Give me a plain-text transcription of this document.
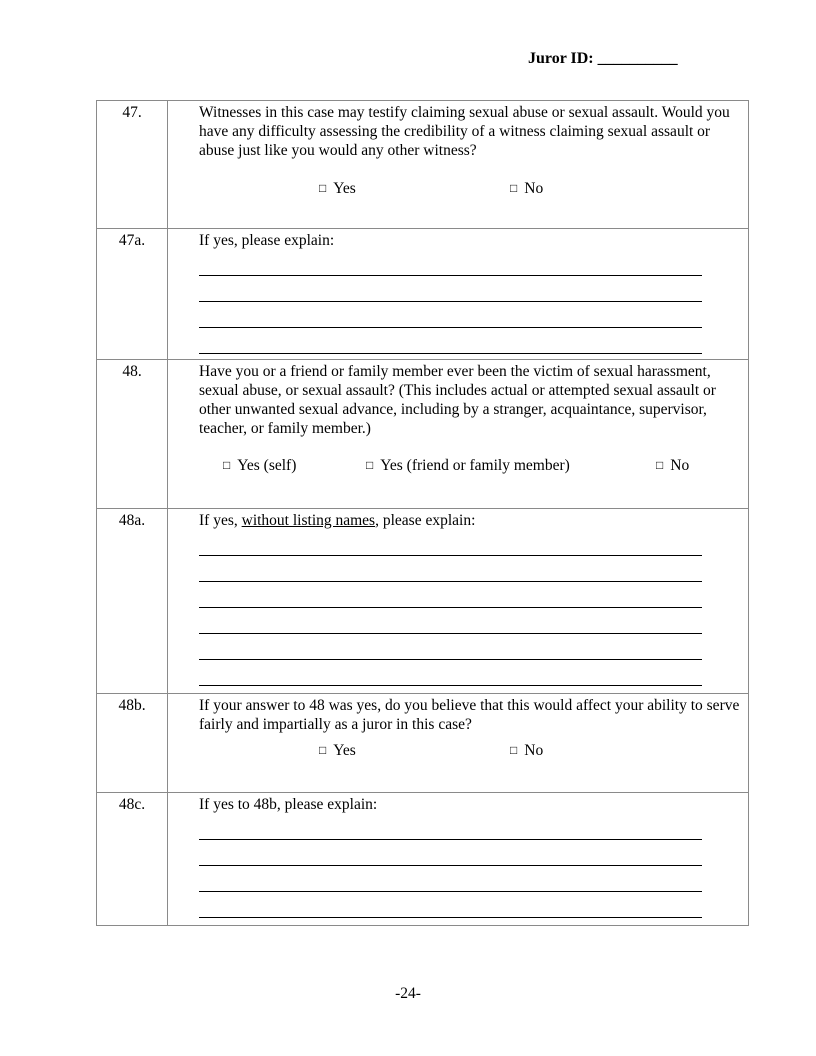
Juror ID: __________
47.	Witnesses in this case may testify claiming sexual abuse or sexual assault. Would you have any difficulty assessing the credibility of a witness claiming sexual assault or abuse just like you would any other witness?
□ Yes □ No

47a.	If yes, please explain:

48.	Have you or a friend or family member ever been the victim of sexual harassment, sexual abuse, or sexual assault? (This includes actual or attempted sexual assault or other unwanted sexual advance, including by a stranger, acquaintance, supervisor, teacher, or family member.)
□ Yes (self) □ Yes (friend or family member) □ No

48a.	If yes, without listing names, please explain:

48b.	If your answer to 48 was yes, do you believe that this would affect your ability to serve fairly and impartially as a juror in this case?
□ Yes □ No

48c.	If yes to 48b, please explain:
-24-
